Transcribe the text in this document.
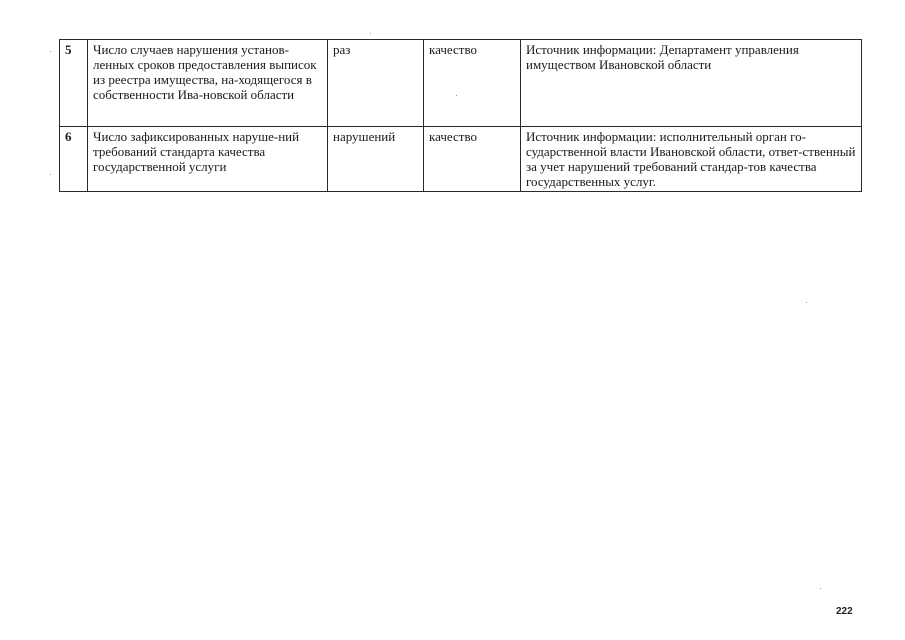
5	Число случаев нарушения установ-ленных сроков предоставления выписок из реестра имущества, на-ходящегося в собственности Ива-новской области	раз	качество	Источник информации: Департамент управления имуществом Ивановской области
6	Число зафиксированных наруше-ний требований стандарта качества государственной услуги	нарушений	качество	Источник информации: исполнительный орган го-сударственной власти Ивановской области, ответ-ственный за учет нарушений требований стандар-тов качества государственных услуг.
222
